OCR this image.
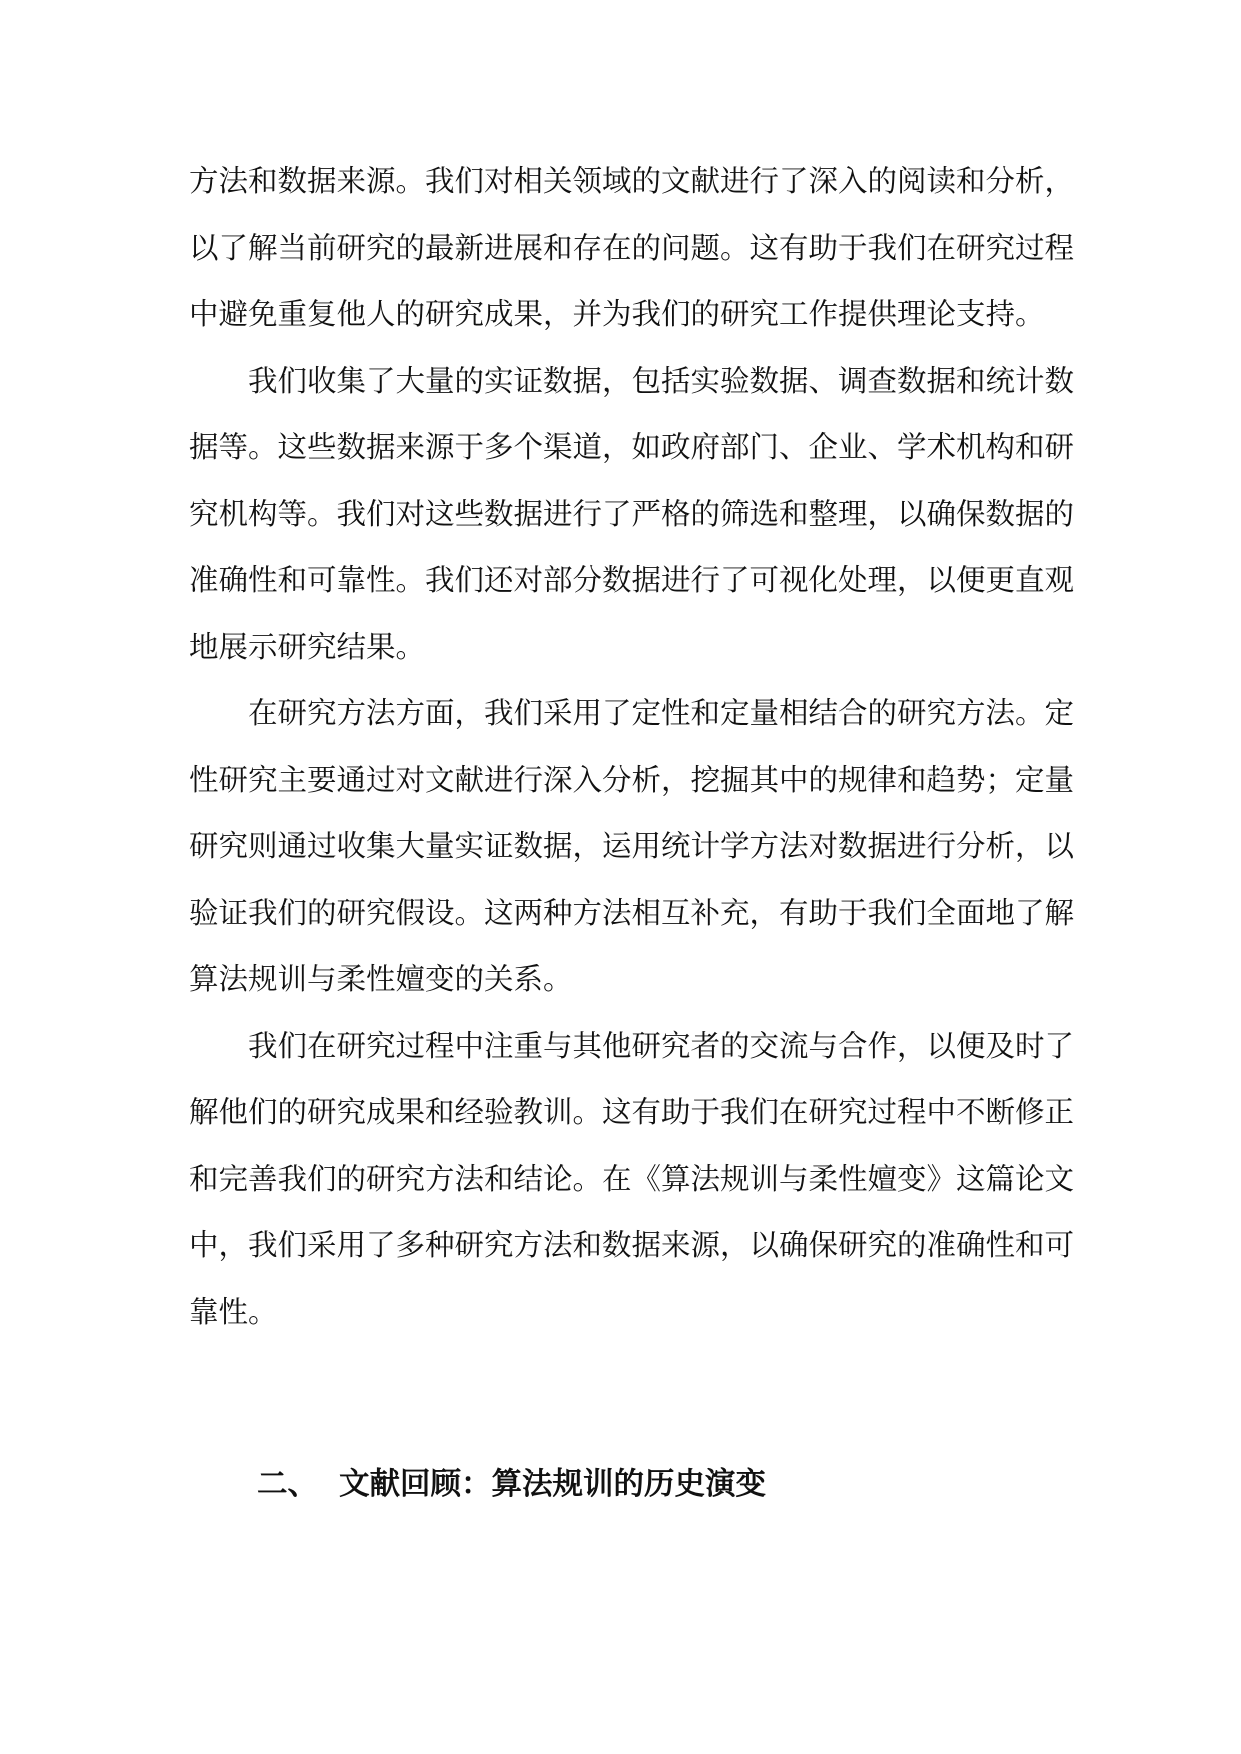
方法和数据来源。我们对相关领域的文献进行了深入的阅读和分析，
以了解当前研究的最新进展和存在的问题。这有助于我们在研究过程
中避免重复他人的研究成果，并为我们的研究工作提供理论支持。
我们收集了大量的实证数据，包括实验数据、调查数据和统计数
据等。这些数据来源于多个渠道，如政府部门、企业、学术机构和研
究机构等。我们对这些数据进行了严格的筛选和整理，以确保数据的
准确性和可靠性。我们还对部分数据进行了可视化处理，以便更直观
地展示研究结果。
在研究方法方面，我们采用了定性和定量相结合的研究方法。定
性研究主要通过对文献进行深入分析，挖掘其中的规律和趋势；定量
研究则通过收集大量实证数据，运用统计学方法对数据进行分析，以
验证我们的研究假设。这两种方法相互补充，有助于我们全面地了解
算法规训与柔性嬗变的关系。
我们在研究过程中注重与其他研究者的交流与合作，以便及时了
解他们的研究成果和经验教训。这有助于我们在研究过程中不断修正
和完善我们的研究方法和结论。在《算法规训与柔性嬗变》这篇论文
中，我们采用了多种研究方法和数据来源，以确保研究的准确性和可
靠性。
二、 文献回顾：算法规训的历史演变
